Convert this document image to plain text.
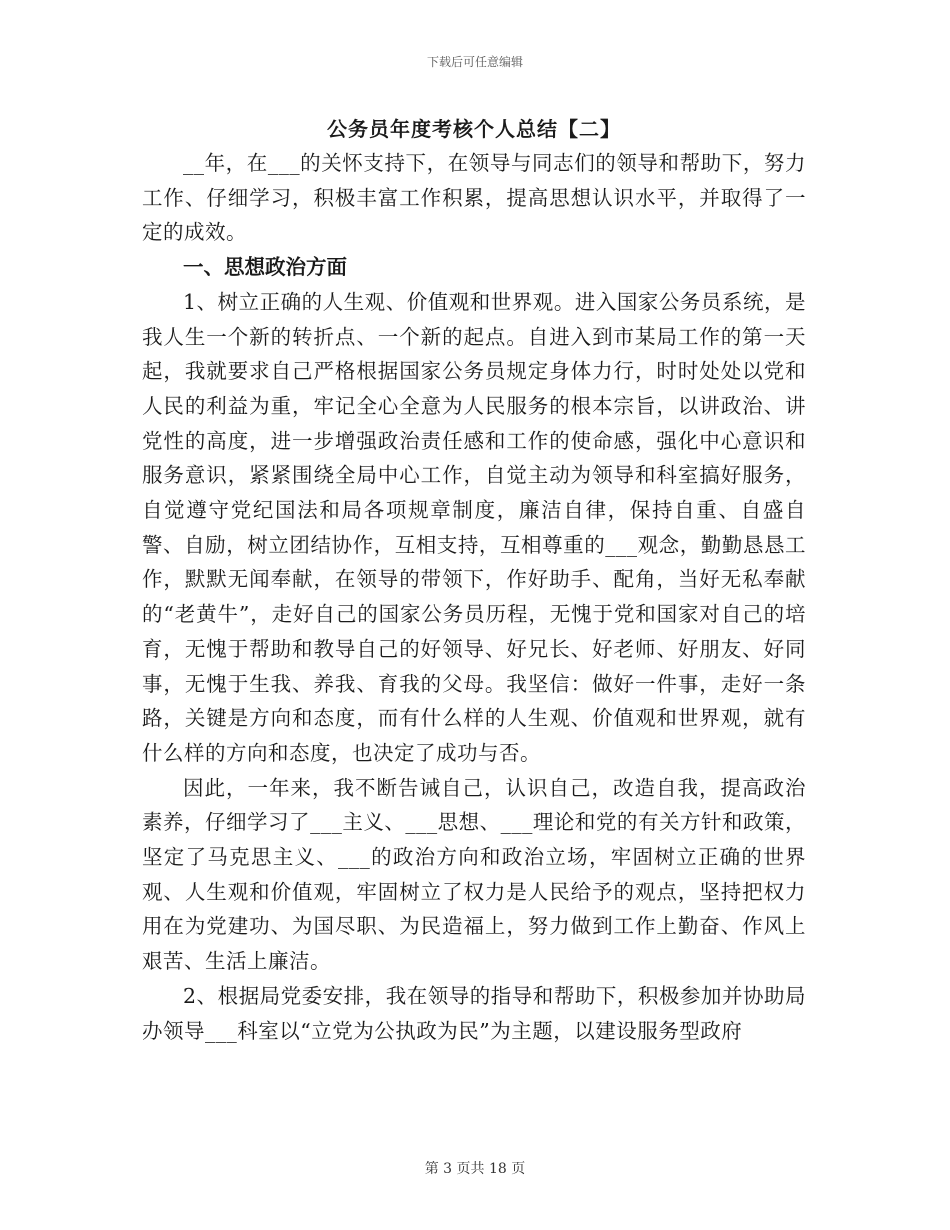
下载后可任意编辑
公务员年度考核个人总结【二】

__年，在___的关怀支持下，在领导与同志们的领导和帮助下，努力工作、仔细学习，积极丰富工作积累，提高思想认识水平，并取得了一定的成效。

一、思想政治方面

1、树立正确的人生观、价值观和世界观。进入国家公务员系统，是我人生一个新的转折点、一个新的起点。自进入到市某局工作的第一天起，我就要求自己严格根据国家公务员规定身体力行，时时处处以党和人民的利益为重，牢记全心全意为人民服务的根本宗旨，以讲政治、讲党性的高度，进一步增强政治责任感和工作的使命感，强化中心意识和服务意识，紧紧围绕全局中心工作，自觉主动为领导和科室搞好服务，自觉遵守党纪国法和局各项规章制度，廉洁自律，保持自重、自盛自警、自励，树立团结协作，互相支持，互相尊重的___观念，勤勤恳恳工作，默默无闻奉献，在领导的带领下，作好助手、配角，当好无私奉献的“老黄牛”，走好自己的国家公务员历程，无愧于党和国家对自己的培育，无愧于帮助和教导自己的好领导、好兄长、好老师、好朋友、好同事，无愧于生我、养我、育我的父母。我坚信：做好一件事，走好一条路，关键是方向和态度，而有什么样的人生观、价值观和世界观，就有什么样的方向和态度，也决定了成功与否。

因此，一年来，我不断告诫自己，认识自己，改造自我，提高政治素养，仔细学习了___主义、___思想、___理论和党的有关方针和政策，坚定了马克思主义、___的政治方向和政治立场，牢固树立正确的世界观、人生观和价值观，牢固树立了权力是人民给予的观点，坚持把权力用在为党建功、为国尽职、为民造福上，努力做到工作上勤奋、作风上艰苦、生活上廉洁。

2、根据局党委安排，我在领导的指导和帮助下，积极参加并协助局办领导___科室以“立党为公执政为民”为主题，以建设服务型政府

第 3 页共 18 页
